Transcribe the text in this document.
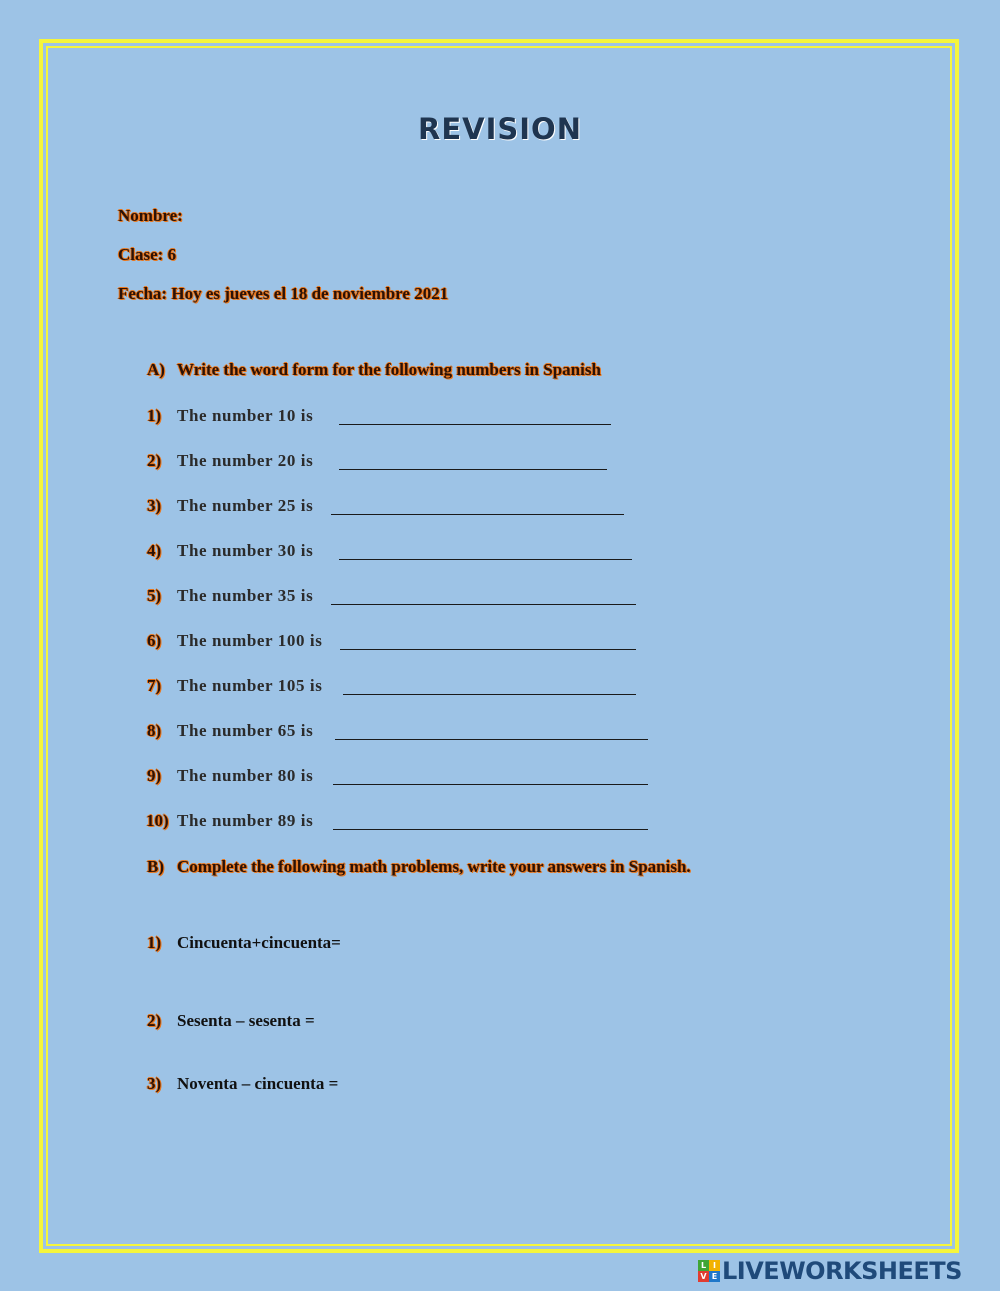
REVISION
Nombre:
Clase: 6
Fecha: Hoy es jueves el 18 de noviembre 2021
A) Write the word form for the following numbers in Spanish
1) The number 10 is
2) The number 20 is
3) The number 25 is
4) The number 30 is
5) The number 35 is
6) The number 100 is
7) The number 105 is
8) The number 65 is
9) The number 80 is
10) The number 89 is
B) Complete the following math problems, write your answers in Spanish.
1) Cincuenta+cincuenta=
2) Sesenta – sesenta =
3) Noventa – cincuenta =
L I
V E LIVEWORKSHEETS
